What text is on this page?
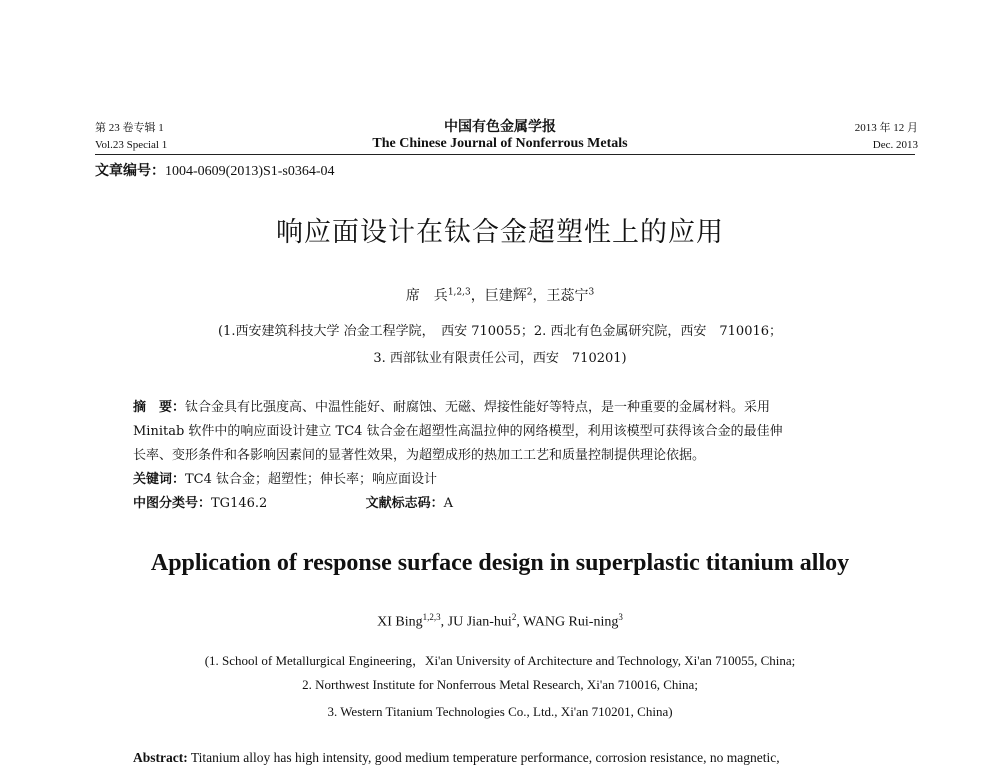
第 23 卷专辑 1
Vol.23 Special 1
中国有色金属学报
The Chinese Journal of Nonferrous Metals
2013 年 12 月
Dec. 2013
文章编号：1004-0609(2013)S1-s0364-04
响应面设计在钛合金超塑性上的应用
席　兵$^{1,2,3}$，巨建辉$^2$，王蕊宁$^3$
(1.西安建筑科技大学 冶金工程学院，　西安 710055；2. 西北有色金属研究院，西安　710016；
3. 西部钛业有限责任公司，西安　710201)
摘　要：钛合金具有比强度高、中温性能好、耐腐蚀、无磁、焊接性能好等特点，是一种重要的金属材料。采用
Minitab 软件中的响应面设计建立 TC4 钛合金在超塑性高温拉伸的网络模型，利用该模型可获得该合金的最佳伸
长率、变形条件和各影响因素间的显著性效果，为超塑成形的热加工工艺和质量控制提供理论依据。
关键词：TC4 钛合金；超塑性；伸长率；响应面设计
中图分类号：TG146.2	文献标志码：A
Application of response surface design in superplastic titanium alloy
XI Bing$^{1,2,3}$, JU Jian-hui$^2$, WANG Rui-ning$^3$
(1. School of Metallurgical Engineering，Xi'an University of Architecture and Technology, Xi'an 710055, China;
2. Northwest Institute for Nonferrous Metal Research, Xi'an 710016, China;
3. Western Titanium Technologies Co., Ltd., Xi'an 710201, China)
Abstract: Titanium alloy has high intensity, good medium temperature performance, corrosion resistance, no magnetic,
